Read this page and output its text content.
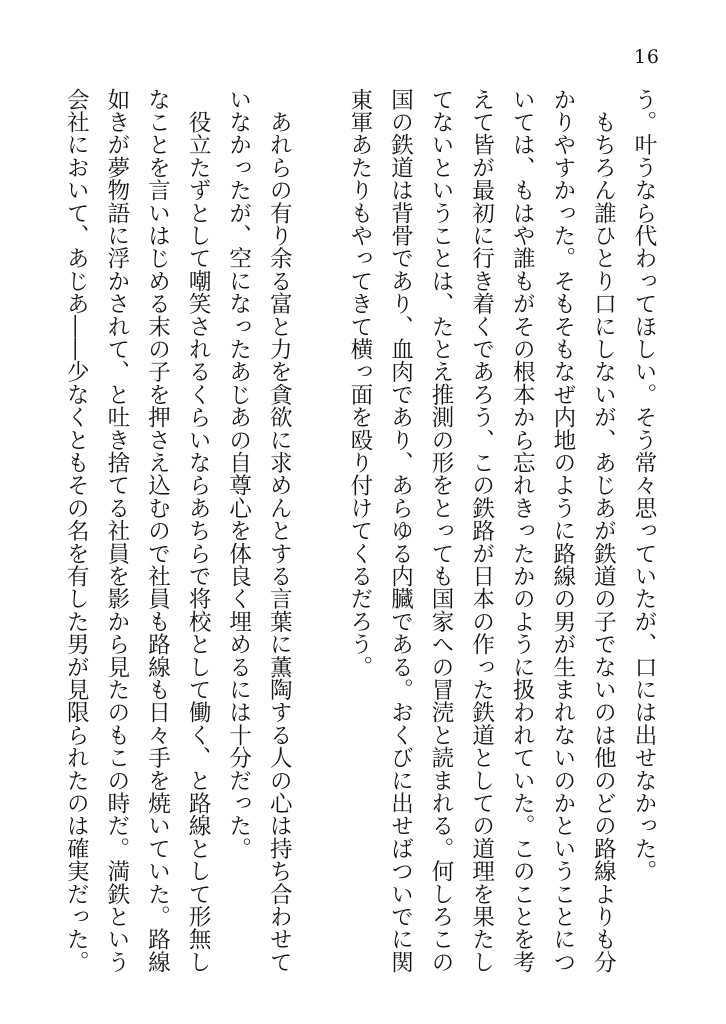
16
う。叶うなら代わってほしい。そう常々思っていたが、口には出せなかった。
　もちろん誰ひとり口にしないが、あじあが鉄道の子でないのは他のどの路線よりも分
かりやすかった。そもそもなぜ内地のように路線の男が生まれないのかということにつ
いては、もはや誰もがその根本から忘れきったかのように扱われていた。このことを考
えて皆が最初に行き着くであろう、この鉄路が日本の作った鉄道としての道理を果たし
てないということは、たとえ推測の形をとっても国家への冒涜と読まれる。何しろこの
国の鉄道は背骨であり、血肉であり、あらゆる内臓である。おくびに出せばついでに関
東軍あたりもやってきて横っ面を殴り付けてくるだろう。
　あれらの有り余る富と力を貪欲に求めんとする言葉に薫陶する人の心は持ち合わせて
いなかったが、空になったあじあの自尊心を体良く埋めるには十分だった。
　役立たずとして嘲笑されるくらいならあちらで将校として働く、と路線として形無し
なことを言いはじめる末の子を押さえ込むので社員も路線も日々手を焼いていた。路線
如きが夢物語に浮かされて、と吐き捨てる社員を影から見たのもこの時だ。満鉄という
会社において、あじあ――少なくともその名を有した男が見限られたのは確実だった。
